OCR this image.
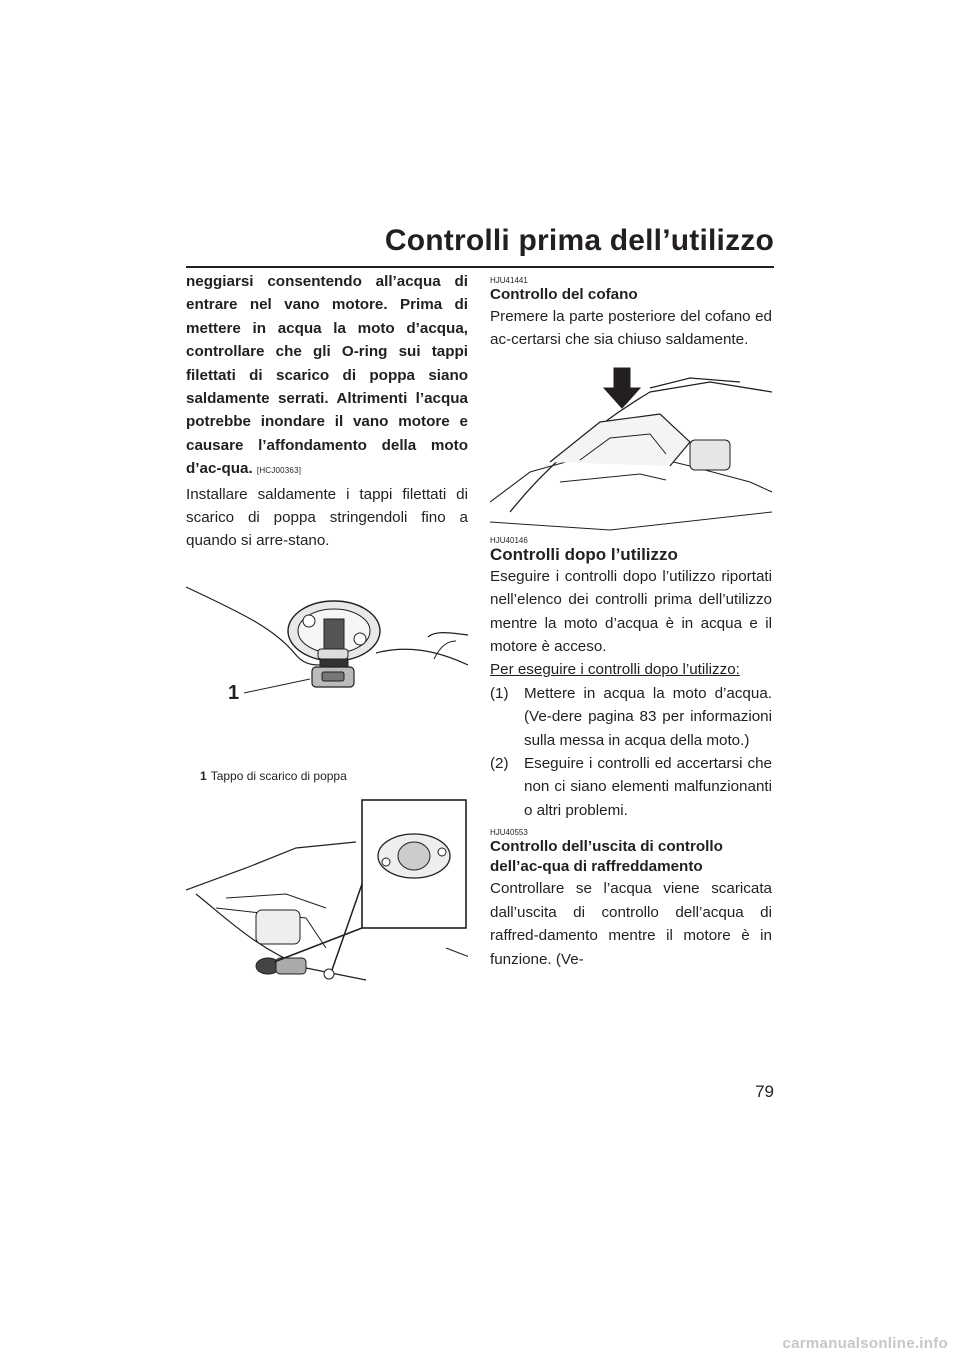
Controlli prima dell’utilizzo

neggiarsi consentendo all’acqua di entrare nel vano motore. Prima di mettere in acqua la moto d’acqua, controllare che gli O-ring sui tappi filettati di scarico di poppa siano saldamente serrati. Altrimenti l’acqua potrebbe inondare il vano motore e causare l’affondamento della moto d’ac-qua. [HCJ00363]

Installare saldamente i tappi filettati di scarico di poppa stringendoli fino a quando si arre-stano.

1

1 Tappo di scarico di poppa

HJU41441
Controllo del cofano

Premere la parte posteriore del cofano ed ac-certarsi che sia chiuso saldamente.

HJU40146
Controlli dopo l’utilizzo

Eseguire i controlli dopo l’utilizzo riportati nell’elenco dei controlli prima dell’utilizzo mentre la moto d’acqua è in acqua e il motore è acceso.

Per eseguire i controlli dopo l’utilizzo:

(1) Mettere in acqua la moto d’acqua. (Ve-dere pagina 83 per informazioni sulla messa in acqua della moto.)
(2) Eseguire i controlli ed accertarsi che non ci siano elementi malfunzionanti o altri problemi.
HJU40553
Controllo dell’uscita di controllo dell’ac-qua di raffreddamento

Controllare se l’acqua viene scaricata dall’uscita di controllo dell’acqua di raffred-damento mentre il motore è in funzione. (Ve-

79
carmanualsonline.info
